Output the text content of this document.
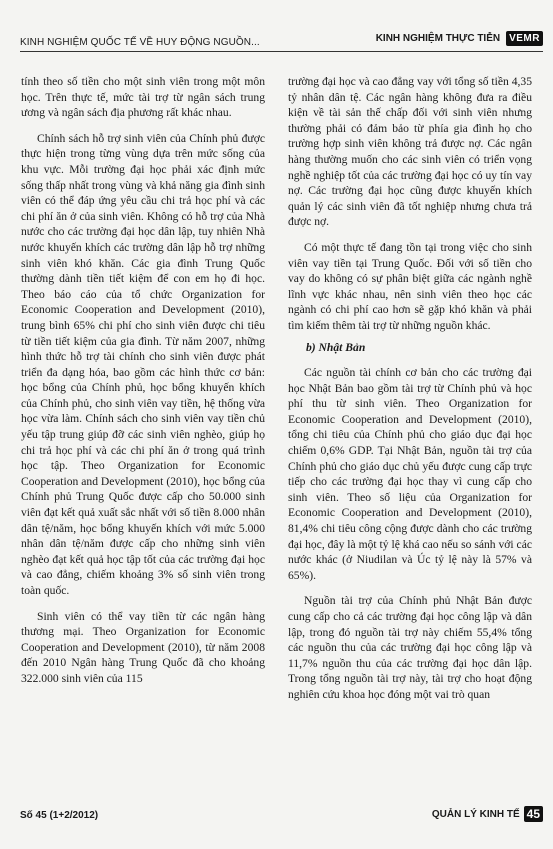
KINH NGHIỆM QUỐC TẾ VỀ HUY ĐỘNG NGUỒN...	KINH NGHIỆM THỰC TIỄN VEMR

tính theo số tiền cho một sinh viên trong một môn học. Trên thực tế, mức tài trợ từ ngân sách trung ương và ngân sách địa phương rất khác nhau.

Chính sách hỗ trợ sinh viên của Chính phủ được thực hiện trong từng vùng dựa trên mức sống của khu vực. Mỗi trường đại học phải xác định mức sống thấp nhất trong vùng và khả năng gia đình sinh viên có thể đáp ứng yêu cầu chi trả học phí và các chi phí ăn ở của sinh viên. Không có hỗ trợ của Nhà nước cho các trường đại học dân lập, tuy nhiên Nhà nước khuyến khích các trường dân lập hỗ trợ những sinh viên khó khăn. Các gia đình Trung Quốc thường dành tiền tiết kiệm để con em họ đi học. Theo báo cáo của tổ chức Organization for Economic Cooperation and Development (2010), trung bình 65% chi phí cho sinh viên được chi tiêu từ tiền tiết kiệm của gia đình. Từ năm 2007, những hình thức hỗ trợ tài chính cho sinh viên được phát triển đa dạng hóa, bao gồm các hình thức cơ bản: học bổng của Chính phủ, học bổng khuyến khích của Chính phủ, cho sinh viên vay tiền, hệ thống vừa học vừa làm. Chính sách cho sinh viên vay tiền chủ yếu tập trung giúp đỡ các sinh viên nghèo, giúp họ chi trả học phí và các chi phí ăn ở trong quá trình học tập. Theo Organization for Economic Cooperation and Development (2010), học bổng của Chính phủ Trung Quốc được cấp cho 50.000 sinh viên đạt kết quả xuất sắc nhất với số tiền 8.000 nhân dân tệ/năm, học bổng khuyến khích với mức 5.000 nhân dân tệ/năm được cấp cho những sinh viên nghèo đạt kết quả học tập tốt của các trường đại học và cao đẳng, chiếm khoảng 3% số sinh viên trong toàn quốc.

Sinh viên có thể vay tiền từ các ngân hàng thương mại. Theo Organization for Economic Cooperation and Development (2010), từ năm 2008 đến 2010 Ngân hàng Trung Quốc đã cho khoảng 322.000 sinh viên của 115

trường đại học và cao đẳng vay với tổng số tiền 4,35 tỷ nhân dân tệ. Các ngân hàng không đưa ra điều kiện về tài sản thế chấp đối với sinh viên nhưng thường phải có đảm bảo từ phía gia đình họ cho trường hợp sinh viên không trả được nợ. Các ngân hàng thường muốn cho các sinh viên có triển vọng nghề nghiệp tốt của các trường đại học có uy tín vay nợ. Các trường đại học cũng được khuyến khích quản lý các sinh viên đã tốt nghiệp nhưng chưa trả được nợ.

Có một thực tế đang tồn tại trong việc cho sinh viên vay tiền tại Trung Quốc. Đối với số tiền cho vay do không có sự phân biệt giữa các ngành nghề lĩnh vực khác nhau, nên sinh viên theo học các ngành có chi phí cao hơn sẽ gặp khó khăn và phải tìm kiếm thêm tài trợ từ những nguồn khác.

b) Nhật Bản

Các nguồn tài chính cơ bản cho các trường đại học Nhật Bản bao gồm tài trợ từ Chính phủ và học phí thu từ sinh viên. Theo Organization for Economic Cooperation and Development (2010), tổng chi tiêu của Chính phủ cho giáo dục đại học chiếm 0,6% GDP. Tại Nhật Bản, nguồn tài trợ của Chính phủ cho giáo dục chủ yếu được cung cấp trực tiếp cho các trường đại học thay vì cung cấp cho sinh viên. Theo số liệu của Organization for Economic Cooperation and Development (2010), 81,4% chi tiêu công cộng được dành cho các trường đại học, đây là một tỷ lệ khá cao nếu so sánh với các nước khác (ở Niudilan và Úc tỷ lệ này là 57% và 65%).

Nguồn tài trợ của Chính phủ Nhật Bản được cung cấp cho cả các trường đại học công lập và dân lập, trong đó nguồn tài trợ này chiếm 55,4% tổng các nguồn thu của các trường đại học công lập và 11,7% nguồn thu của các trường đại học dân lập. Trong tổng nguồn tài trợ này, tài trợ cho hoạt động nghiên cứu khoa học đóng một vai trò quan

Số 45 (1+2/2012)	QUẢN LÝ KINH TẾ 45
